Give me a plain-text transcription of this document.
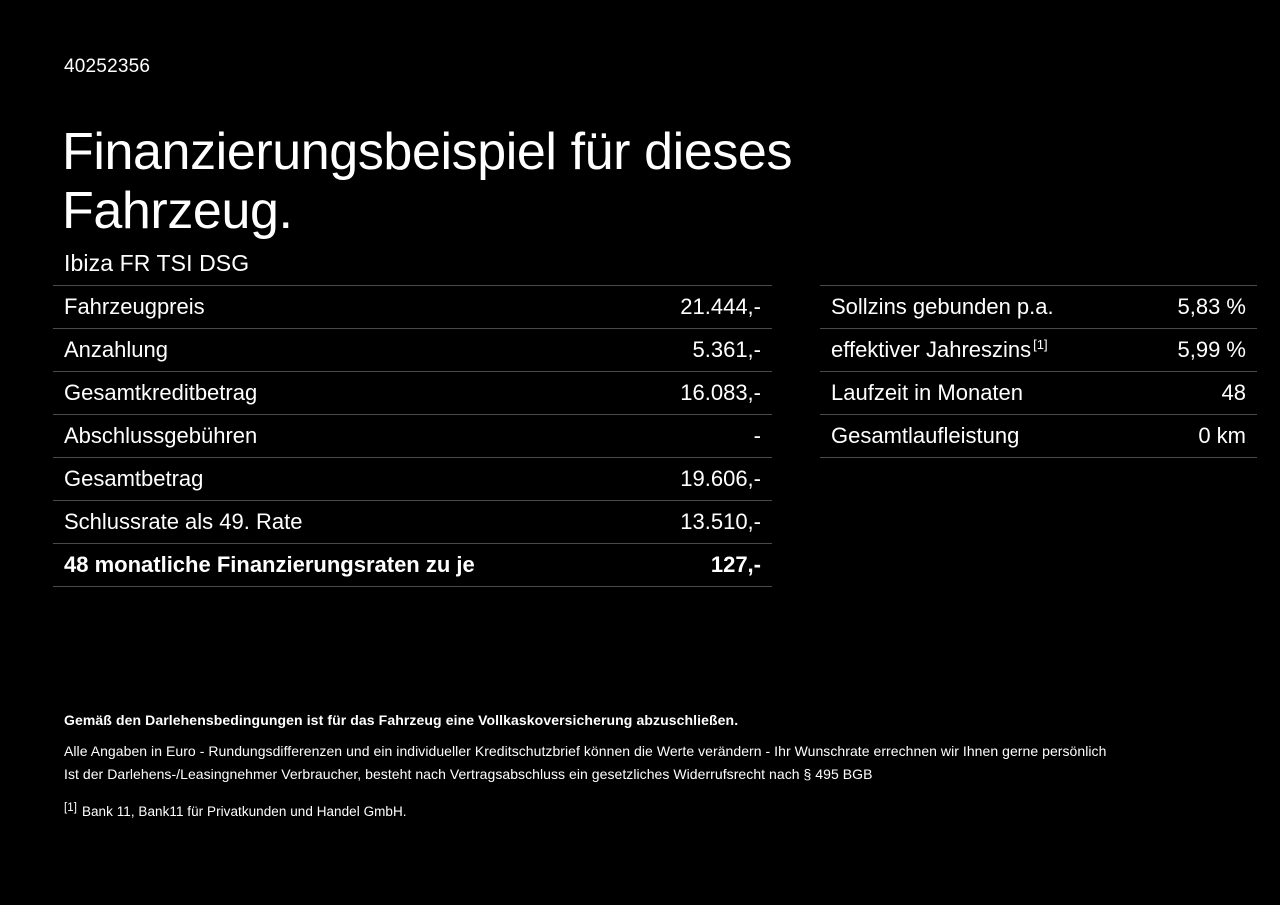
40252356
Finanzierungsbeispiel für dieses Fahrzeug.
Ibiza FR TSI DSG
Fahrzeugpreis	21.444,-
Anzahlung	5.361,-
Gesamtkreditbetrag	16.083,-
Abschlussgebühren	-
Gesamtbetrag	19.606,-
Schlussrate als 49. Rate	13.510,-
48 monatliche Finanzierungsraten zu je	127,-
Sollzins gebunden p.a.	5,83 %
effektiver Jahreszins [1]	5,99 %
Laufzeit in Monaten	48
Gesamtlaufleistung	0 km
Gemäß den Darlehensbedingungen ist für das Fahrzeug eine Vollkaskoversicherung abzuschließen.
Alle Angaben in Euro - Rundungsdifferenzen und ein individueller Kreditschutzbrief können die Werte verändern - Ihr Wunschrate errechnen wir Ihnen gerne persönlich
Ist der Darlehens-/Leasingnehmer Verbraucher, besteht nach Vertragsabschluss ein gesetzliches Widerrufsrecht nach § 495 BGB
[1] Bank 11, Bank11 für Privatkunden und Handel GmbH.
